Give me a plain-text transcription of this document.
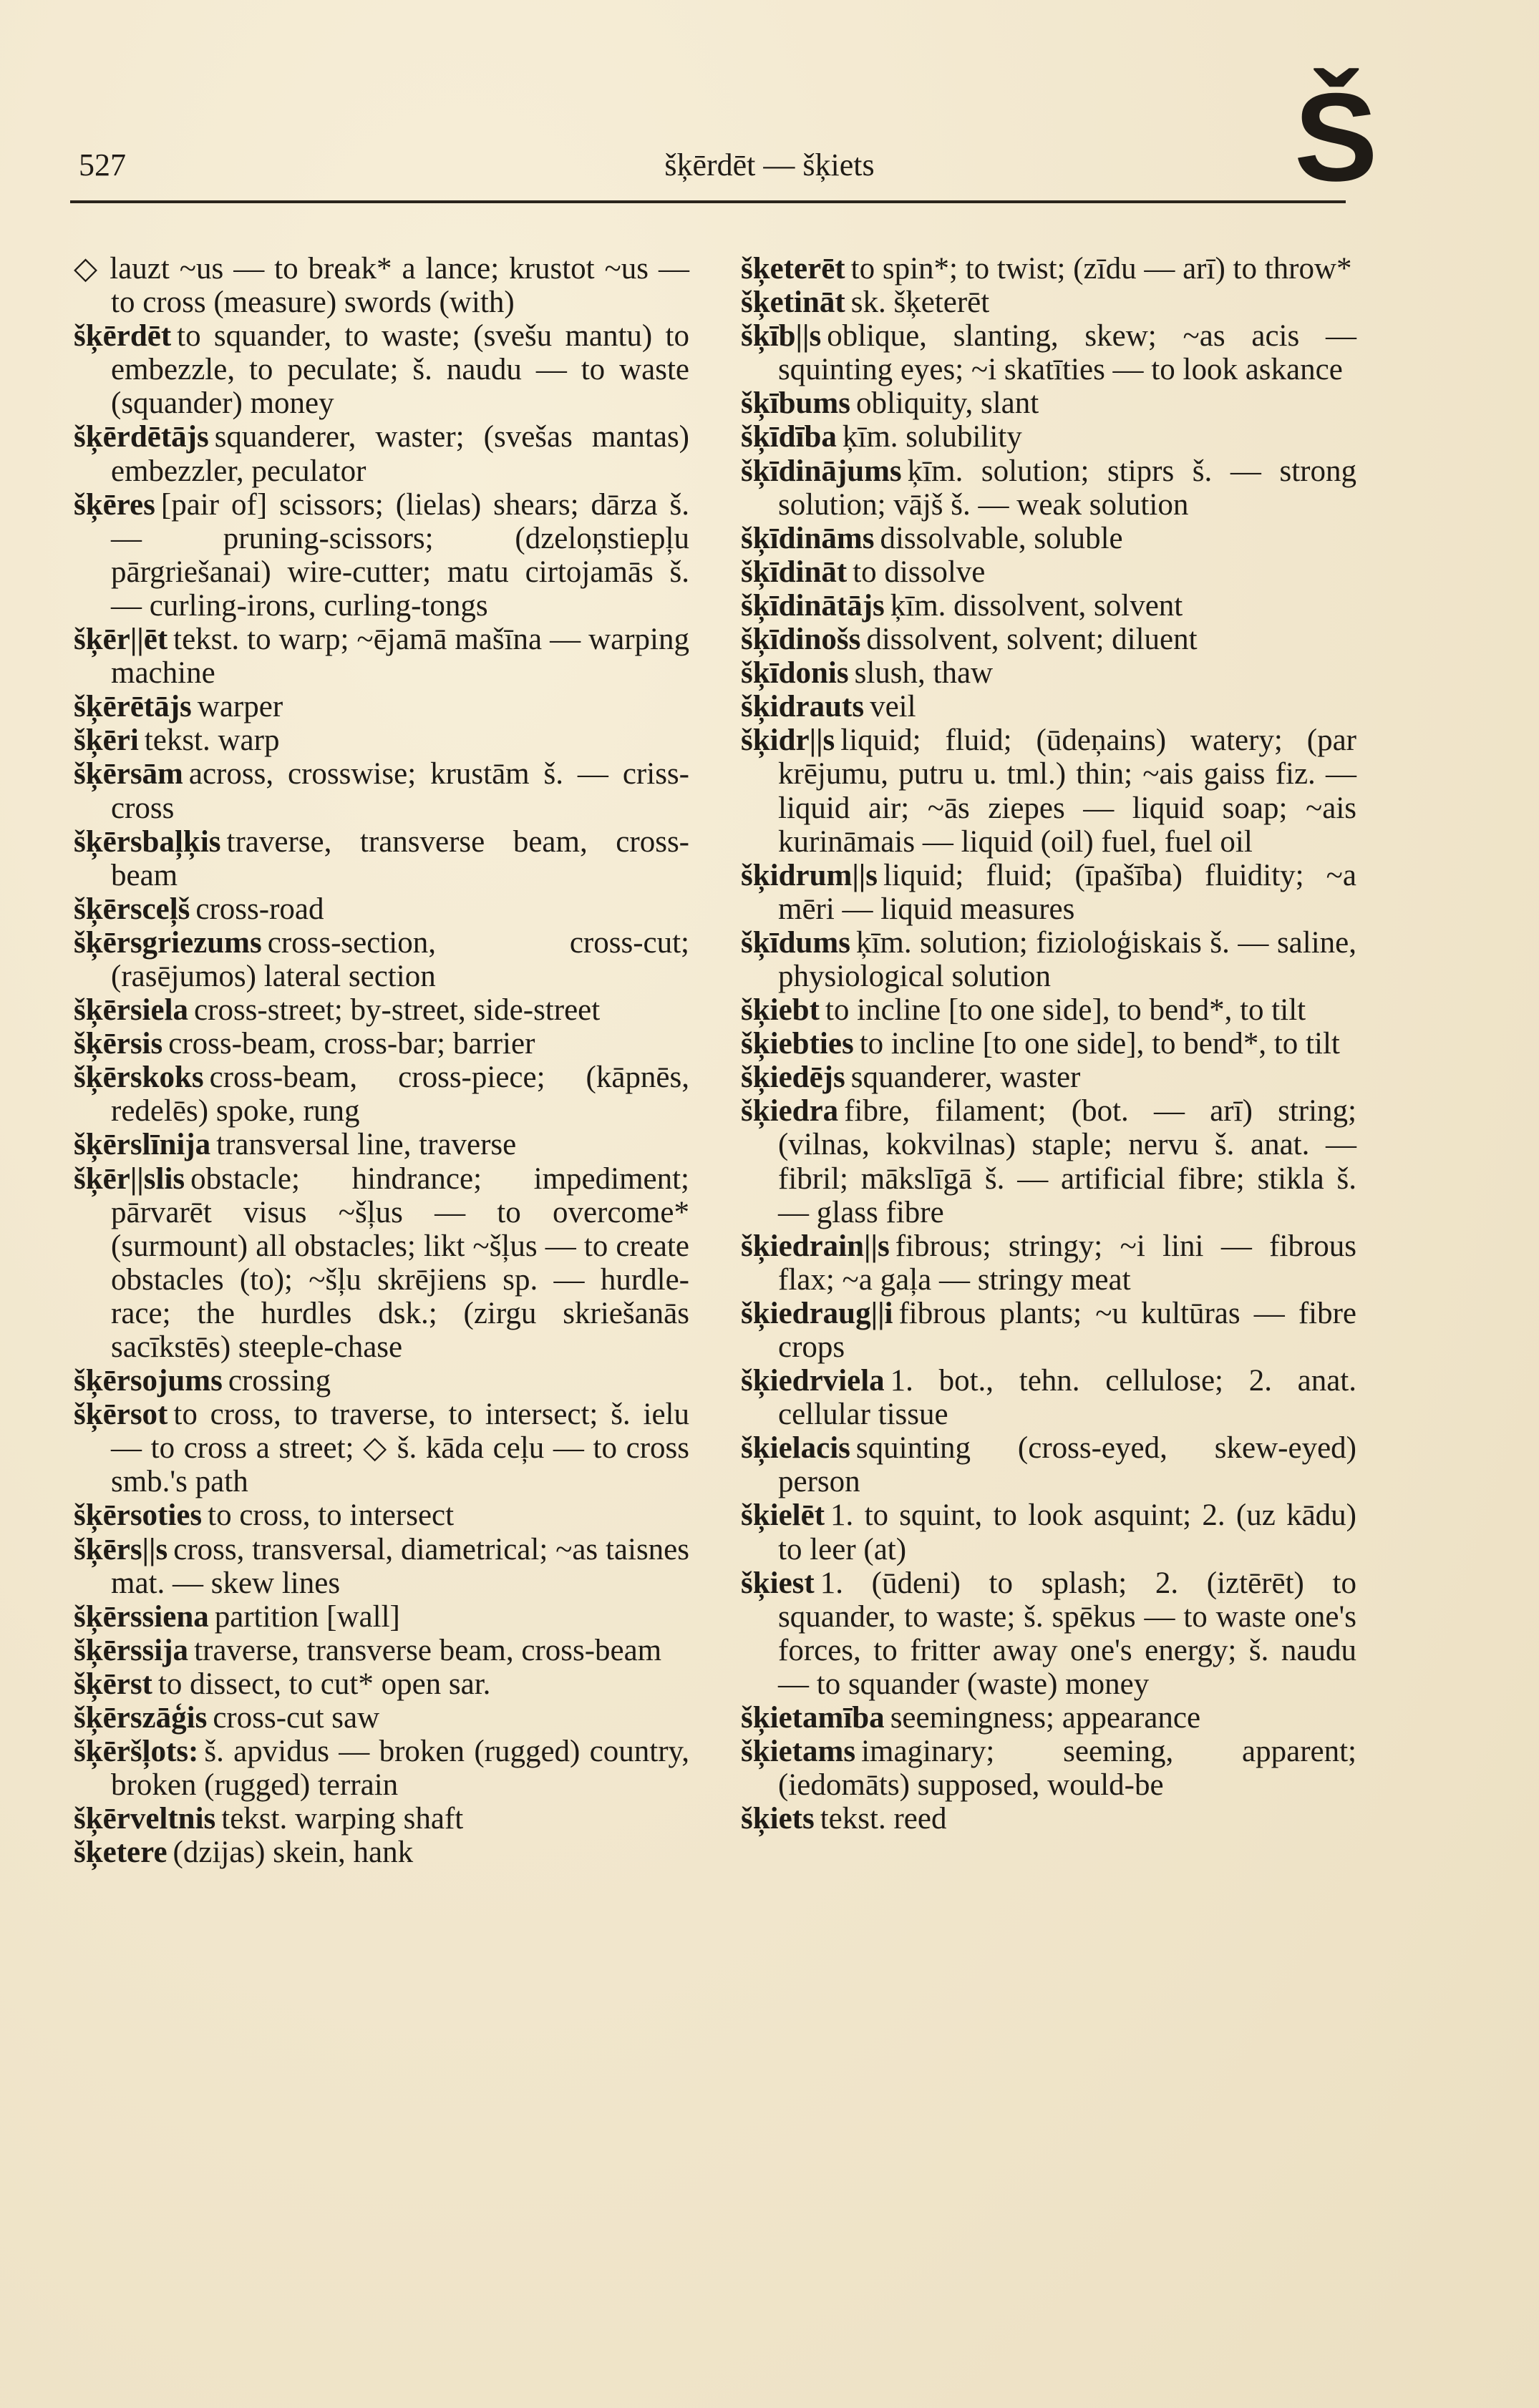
527	šķērdēt — šķiets	Š
◇ lauzt ~us — to break* a lance; krustot ~us — to cross (measure) swords (with)
šķērdēt to squander, to waste; (svešu mantu) to embezzle, to peculate; š. naudu — to waste (squander) money
šķērdētājs squanderer, waster; (svešas mantas) embezzler, peculator
šķēres [pair of] scissors; (lielas) shears; dārza š. — pruning-scissors; (dzeloņstiepļu pārgriešanai) wire-cutter; matu cirtojamās š. — curling-irons, curling-tongs
šķēr||ēt tekst. to warp; ~ējamā mašīna — warping machine
šķērētājs warper
šķēri tekst. warp
šķērsām across, crosswise; krustām š. — criss-cross
šķērsbaļķis traverse, transverse beam, cross-beam
šķērsceļš cross-road
šķērsgriezums cross-section, cross-cut; (rasējumos) lateral section
šķērsiela cross-street; by-street, side-street
šķērsis cross-beam, cross-bar; barrier
šķērskoks cross-beam, cross-piece; (kāpnēs, redelēs) spoke, rung
šķērslīnija transversal line, traverse
šķēr||slis obstacle; hindrance; impediment; pārvarēt visus ~šļus — to overcome* (surmount) all obstacles; likt ~šļus — to create obstacles (to); ~šļu skrējiens sp. — hurdle-race; the hurdles dsk.; (zirgu skriešanās sacīkstēs) steeple-chase
šķērsojums crossing
šķērsot to cross, to traverse, to intersect; š. ielu — to cross a street; ◇ š. kāda ceļu — to cross smb.'s path
šķērsoties to cross, to intersect
šķērs||s cross, transversal, diametrical; ~as taisnes mat. — skew lines
šķērssiena partition [wall]
šķērssija traverse, transverse beam, cross-beam
šķērst to dissect, to cut* open sar.
šķērszāģis cross-cut saw
šķēršļots: š. apvidus — broken (rugged) country, broken (rugged) terrain
šķērveltnis tekst. warping shaft
šķetere (dzijas) skein, hank
šķeterēt to spin*; to twist; (zīdu — arī) to throw*
šķetināt sk. šķeterēt
šķīb||s oblique, slanting, skew; ~as acis — squinting eyes; ~i skatīties — to look askance
šķībums obliquity, slant
šķīdība ķīm. solubility
šķīdinājums ķīm. solution; stiprs š. — strong solution; vājš š. — weak solution
šķīdināms dissolvable, soluble
šķīdināt to dissolve
šķīdinātājs ķīm. dissolvent, solvent
šķīdinošs dissolvent, solvent; diluent
šķīdonis slush, thaw
šķidrauts veil
šķidr||s liquid; fluid; (ūdeņains) watery; (par krējumu, putru u. tml.) thin; ~ais gaiss fiz. — liquid air; ~ās ziepes — liquid soap; ~ais kurināmais — liquid (oil) fuel, fuel oil
šķidrum||s liquid; fluid; (īpašība) fluidity; ~a mēri — liquid measures
šķīdums ķīm. solution; fizioloģiskais š. — saline, physiological solution
šķiebt to incline [to one side], to bend*, to tilt
šķiebties to incline [to one side], to bend*, to tilt
šķiedējs squanderer, waster
šķiedra fibre, filament; (bot. — arī) string; (vilnas, kokvilnas) staple; nervu š. anat. — fibril; mākslīgā š. — artificial fibre; stikla š. — glass fibre
šķiedrain||s fibrous; stringy; ~i lini — fibrous flax; ~a gaļa — stringy meat
šķiedraug||i fibrous plants; ~u kultūras — fibre crops
šķiedrviela 1. bot., tehn. cellulose; 2. anat. cellular tissue
šķielacis squinting (cross-eyed, skew-eyed) person
šķielēt 1. to squint, to look asquint; 2. (uz kādu) to leer (at)
šķiest 1. (ūdeni) to splash; 2. (iztērēt) to squander, to waste; š. spēkus — to waste one's forces, to fritter away one's energy; š. naudu — to squander (waste) money
šķietamība seemingness; appearance
šķietams imaginary; seeming, apparent; (iedomāts) supposed, would-be
šķiets tekst. reed
